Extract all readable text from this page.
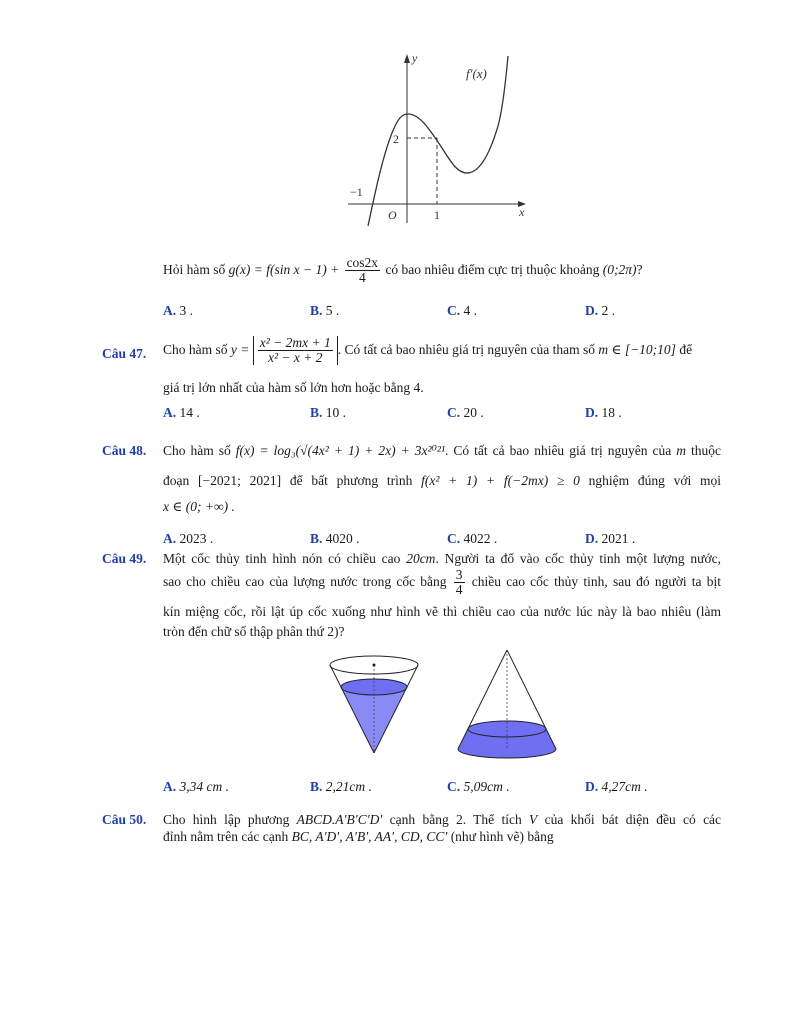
y
x
O
f′(x)
2
−1
1
Hỏi hàm số g(x) = f(sin $x - 1) + \frac{\cos 2x}{4}$ có bao nhiêu điểm cực trị thuộc khoảng (0;2π)?
A. 3 .	B. 5 .	C. 4 .	D. 2 .
Câu 47. Cho hàm số $y = \frac{\text{x² − 2mx + 1}}{\text{x² − x + 2}}$ . Có tất cả bao nhiêu giá trị nguyên của tham số m ∈ [−10;10] để
giá trị lớn nhất của hàm số lớn hơn hoặc bằng 4.
A. 14 .	B. 10 .	C. 20 .	D. 18 .
Câu 48. Cho hàm số f(x) = log₃(√(4x² + 1) + 2x) + 3x²⁰²¹. Có tất cả bao nhiêu giá trị nguyên của m thuộc
đoạn [−2021; 2021] để bất phương trình f(x² + 1) + f(−2mx) ≥ 0 nghiệm đúng với mọi
x ∈ (0; +∞) .
A. 2023 .	B. 4020 .	C. 4022 .	D. 2021 .
Câu 49. Một cốc thủy tinh hình nón có chiều cao 20cm. Người ta đổ vào cốc thủy tinh một lượng nước,
sao cho chiều cao của lượng nước trong cốc bằng $\frac{3}{4}$ chiều cao cốc thủy tinh, sau đó người ta bịt
kín miệng cốc, rồi lật úp cốc xuống như hình vẽ thì chiều cao của nước lúc này là bao nhiêu (làm
tròn đến chữ số thập phân thứ 2)?
A. 3,34 cm .	B. 2,21cm .	C. 5,09cm .	D. 4,27cm .
Câu 50. Cho hình lập phương ABCD.A′B′C′D′ cạnh bằng 2. Thể tích V của khối bát diện đều có các
đỉnh nằm trên các cạnh BC, A′D′, A′B′, AA′, CD, CC′ (như hình vẽ) bằng
